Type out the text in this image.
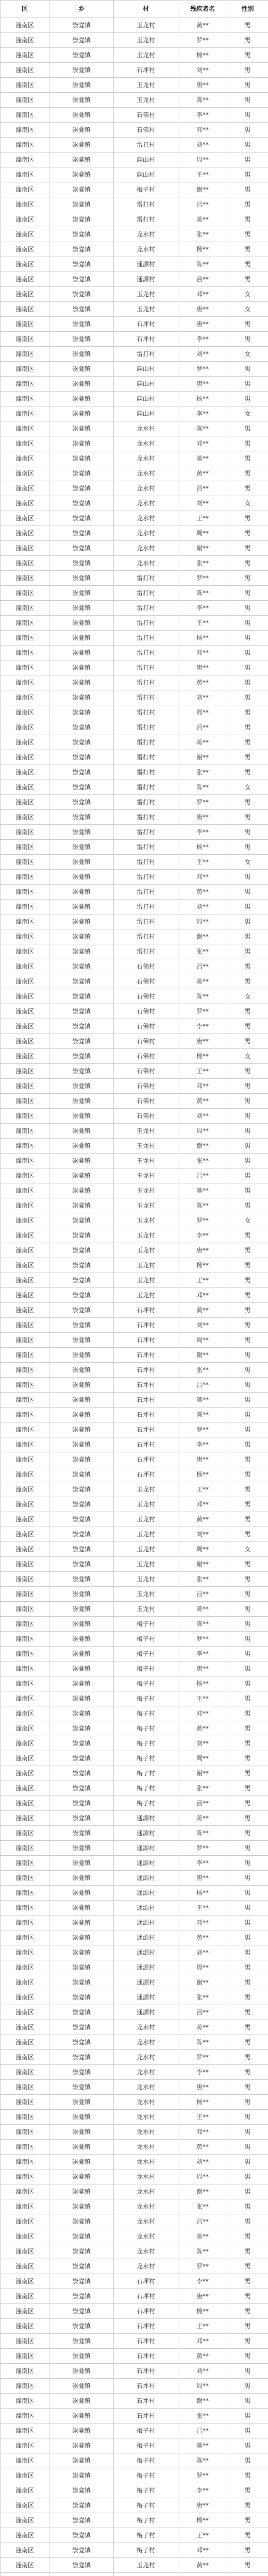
区	乡	村	残疾者名	性别
潼南区	崇龛镇	玉龙村	黄**	男
潼南区	崇龛镇	玉龙村	罗**	男
潼南区	崇龛镇	玉龙村	杨**	男
潼南区	崇龛镇	石坪村	刘**	男
潼南区	崇龛镇	玉龙村	唐**	男
潼南区	崇龛镇	玉龙村	陈**	男
潼南区	崇龛镇	石佛村	李**	男
潼南区	崇龛镇	石佛村	邓**	男
潼南区	崇龛镇	雷打村	刘**	男
潼南区	崇龛镇	麻山村	周**	男
潼南区	崇龛镇	麻山村	王**	男
潼南区	崇龛镇	梅子村	谢**	男
潼南区	崇龛镇	雷打村	吕**	男
潼南区	崇龛镇	雷打村	蒋**	男
潼南区	崇龛镇	龙水村	张**	男
潼南区	崇龛镇	龙水村	杨**	男
潼南区	崇龛镇	通源村	陈**	男
潼南区	崇龛镇	通源村	吕**	男
潼南区	崇龛镇	玉龙村	邓**	女
潼南区	崇龛镇	玉龙村	唐**	女
潼南区	崇龛镇	石坪村	唐**	男
潼南区	崇龛镇	石坪村	李**	男
潼南区	崇龛镇	雷打村	刘**	女
潼南区	崇龛镇	麻山村	罗**	男
潼南区	崇龛镇	麻山村	唐**	男
潼南区	崇龛镇	麻山村	杨**	男
潼南区	崇龛镇	麻山村	李**	女
潼南区	崇龛镇	龙水村	陈**	男
潼南区	崇龛镇	龙水村	邓**	男
潼南区	崇龛镇	龙水村	蒋**	男
潼南区	崇龛镇	龙水村	黄**	男
潼南区	崇龛镇	龙水村	吕**	男
潼南区	崇龛镇	龙水村	刘**	女
潼南区	崇龛镇	龙水村	王**	男
潼南区	崇龛镇	龙水村	周**	男
潼南区	崇龛镇	龙水村	谢**	男
潼南区	崇龛镇	龙水村	张**	男
潼南区	崇龛镇	雷打村	罗**	男
潼南区	崇龛镇	雷打村	陈**	男
潼南区	崇龛镇	雷打村	李**	男
潼南区	崇龛镇	雷打村	王**	男
潼南区	崇龛镇	雷打村	杨**	男
潼南区	崇龛镇	雷打村	邓**	男
潼南区	崇龛镇	雷打村	唐**	男
潼南区	崇龛镇	雷打村	黄**	男
潼南区	崇龛镇	雷打村	刘**	男
潼南区	崇龛镇	雷打村	周**	男
潼南区	崇龛镇	雷打村	吕**	男
潼南区	崇龛镇	雷打村	蒋**	男
潼南区	崇龛镇	雷打村	谢**	男
潼南区	崇龛镇	雷打村	张**	男
潼南区	崇龛镇	雷打村	陈**	女
潼南区	崇龛镇	雷打村	罗**	男
潼南区	崇龛镇	雷打村	唐**	男
潼南区	崇龛镇	雷打村	李**	男
潼南区	崇龛镇	雷打村	杨**	男
潼南区	崇龛镇	雷打村	王**	女
潼南区	崇龛镇	雷打村	邓**	男
潼南区	崇龛镇	雷打村	黄**	男
潼南区	崇龛镇	雷打村	刘**	男
潼南区	崇龛镇	雷打村	周**	男
潼南区	崇龛镇	雷打村	谢**	男
潼南区	崇龛镇	雷打村	张**	男
潼南区	崇龛镇	石佛村	吕**	男
潼南区	崇龛镇	石佛村	蒋**	男
潼南区	崇龛镇	石佛村	陈**	女
潼南区	崇龛镇	石佛村	罗**	男
潼南区	崇龛镇	石佛村	李**	男
潼南区	崇龛镇	石佛村	唐**	男
潼南区	崇龛镇	石佛村	杨**	女
潼南区	崇龛镇	石佛村	王**	男
潼南区	崇龛镇	石佛村	邓**	男
潼南区	崇龛镇	石佛村	黄**	男
潼南区	崇龛镇	石佛村	刘**	男
潼南区	崇龛镇	玉龙村	周**	男
潼南区	崇龛镇	玉龙村	谢**	男
潼南区	崇龛镇	玉龙村	张**	男
潼南区	崇龛镇	玉龙村	吕**	男
潼南区	崇龛镇	玉龙村	蒋**	男
潼南区	崇龛镇	玉龙村	陈**	男
潼南区	崇龛镇	玉龙村	罗**	女
潼南区	崇龛镇	玉龙村	李**	男
潼南区	崇龛镇	玉龙村	唐**	男
潼南区	崇龛镇	玉龙村	杨**	男
潼南区	崇龛镇	玉龙村	王**	男
潼南区	崇龛镇	玉龙村	邓**	男
潼南区	崇龛镇	石坪村	黄**	男
潼南区	崇龛镇	石坪村	刘**	男
潼南区	崇龛镇	石坪村	周**	男
潼南区	崇龛镇	石坪村	谢**	男
潼南区	崇龛镇	石坪村	张**	男
潼南区	崇龛镇	石坪村	吕**	男
潼南区	崇龛镇	石坪村	蒋**	男
潼南区	崇龛镇	石坪村	陈**	男
潼南区	崇龛镇	石坪村	罗**	男
潼南区	崇龛镇	石坪村	李**	男
潼南区	崇龛镇	石坪村	唐**	男
潼南区	崇龛镇	石坪村	杨**	男
潼南区	崇龛镇	玉龙村	王**	男
潼南区	崇龛镇	玉龙村	邓**	男
潼南区	崇龛镇	玉龙村	黄**	男
潼南区	崇龛镇	玉龙村	刘**	男
潼南区	崇龛镇	玉龙村	周**	女
潼南区	崇龛镇	玉龙村	谢**	男
潼南区	崇龛镇	玉龙村	张**	男
潼南区	崇龛镇	玉龙村	吕**	男
潼南区	崇龛镇	玉龙村	蒋**	男
潼南区	崇龛镇	梅子村	陈**	男
潼南区	崇龛镇	梅子村	罗**	男
潼南区	崇龛镇	梅子村	李**	男
潼南区	崇龛镇	梅子村	唐**	男
潼南区	崇龛镇	梅子村	杨**	男
潼南区	崇龛镇	梅子村	王**	男
潼南区	崇龛镇	梅子村	邓**	男
潼南区	崇龛镇	梅子村	黄**	男
潼南区	崇龛镇	梅子村	刘**	男
潼南区	崇龛镇	梅子村	周**	男
潼南区	崇龛镇	梅子村	谢**	男
潼南区	崇龛镇	梅子村	张**	男
潼南区	崇龛镇	梅子村	吕**	男
潼南区	崇龛镇	通源村	蒋**	男
潼南区	崇龛镇	通源村	陈**	男
潼南区	崇龛镇	通源村	罗**	男
潼南区	崇龛镇	通源村	李**	男
潼南区	崇龛镇	通源村	唐**	男
潼南区	崇龛镇	通源村	杨**	男
潼南区	崇龛镇	通源村	王**	男
潼南区	崇龛镇	通源村	邓**	男
潼南区	崇龛镇	通源村	黄**	男
潼南区	崇龛镇	通源村	刘**	男
潼南区	崇龛镇	通源村	周**	男
潼南区	崇龛镇	通源村	谢**	男
潼南区	崇龛镇	通源村	张**	男
潼南区	崇龛镇	通源村	吕**	男
潼南区	崇龛镇	龙水村	蒋**	男
潼南区	崇龛镇	龙水村	陈**	男
潼南区	崇龛镇	龙水村	罗**	男
潼南区	崇龛镇	龙水村	李**	男
潼南区	崇龛镇	龙水村	唐**	男
潼南区	崇龛镇	龙水村	杨**	男
潼南区	崇龛镇	龙水村	王**	男
潼南区	崇龛镇	龙水村	邓**	男
潼南区	崇龛镇	龙水村	黄**	男
潼南区	崇龛镇	龙水村	刘**	男
潼南区	崇龛镇	龙水村	周**	男
潼南区	崇龛镇	龙水村	谢**	男
潼南区	崇龛镇	龙水村	张**	男
潼南区	崇龛镇	龙水村	吕**	男
潼南区	崇龛镇	龙水村	蒋**	男
潼南区	崇龛镇	龙水村	陈**	男
潼南区	崇龛镇	龙水村	罗**	男
潼南区	崇龛镇	石坪村	李**	男
潼南区	崇龛镇	石坪村	唐**	男
潼南区	崇龛镇	石坪村	杨**	男
潼南区	崇龛镇	石坪村	王**	男
潼南区	崇龛镇	石坪村	邓**	男
潼南区	崇龛镇	石坪村	黄**	男
潼南区	崇龛镇	石坪村	刘**	男
潼南区	崇龛镇	石坪村	周**	男
潼南区	崇龛镇	石坪村	谢**	男
潼南区	崇龛镇	石坪村	张**	男
潼南区	崇龛镇	梅子村	吕**	男
潼南区	崇龛镇	梅子村	蒋**	男
潼南区	崇龛镇	梅子村	陈**	男
潼南区	崇龛镇	梅子村	罗**	男
潼南区	崇龛镇	梅子村	李**	男
潼南区	崇龛镇	梅子村	唐**	男
潼南区	崇龛镇	梅子村	杨**	男
潼南区	崇龛镇	梅子村	王**	男
潼南区	崇龛镇	梅子村	邓**	男
潼南区	崇龛镇	玉龙村	黄**	男
